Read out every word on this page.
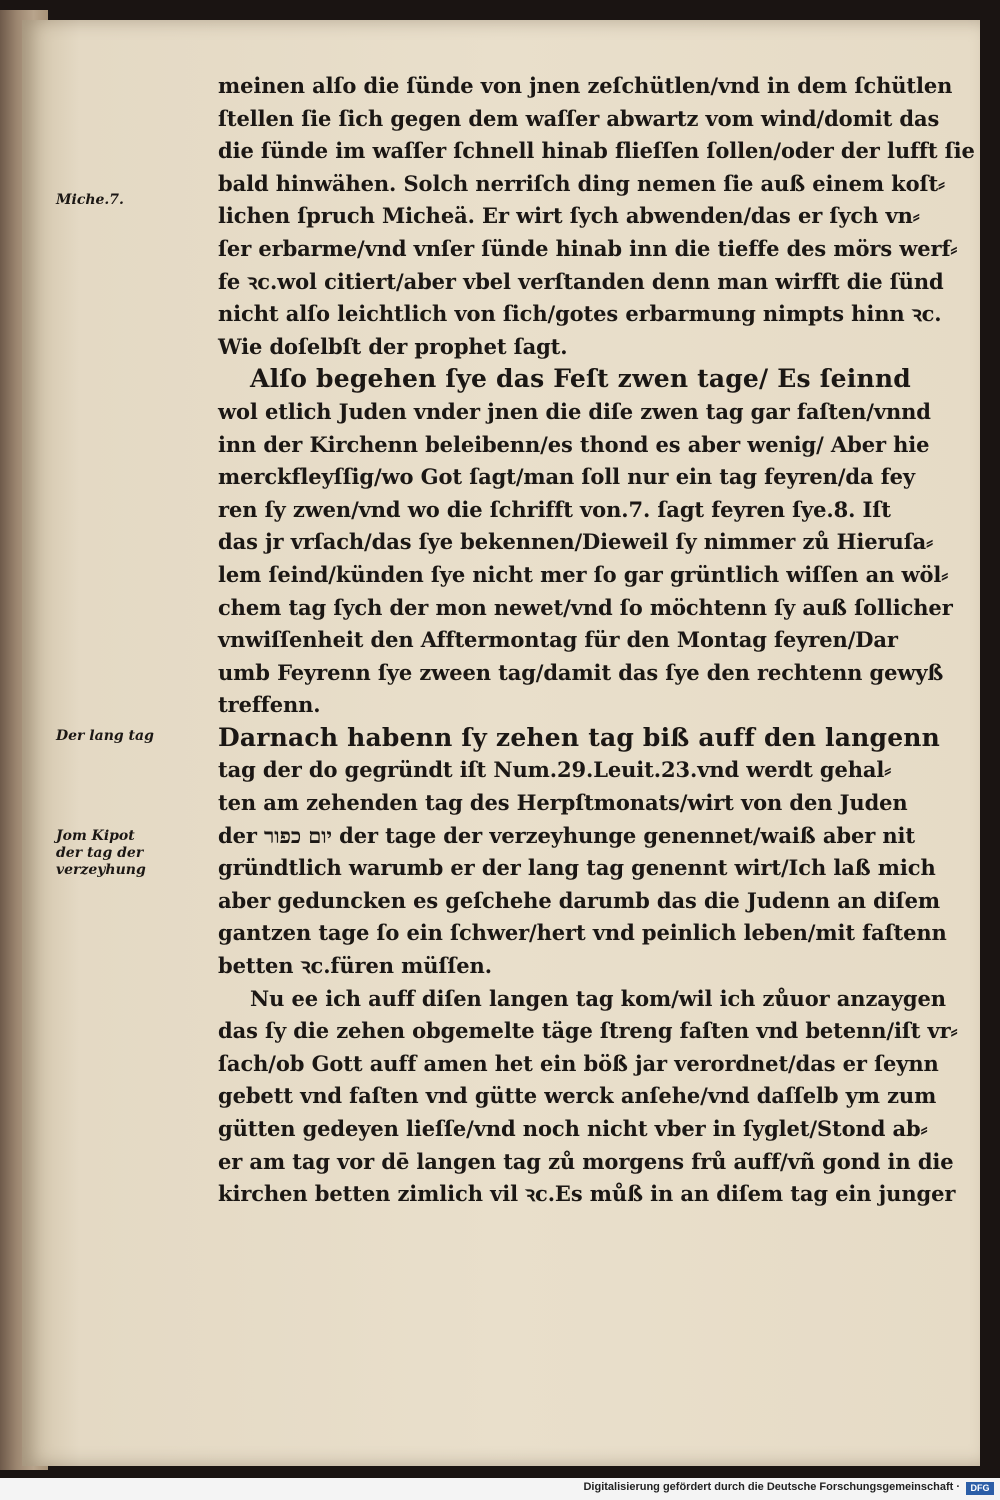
Miche.7.
Der lang tag
Jom Kipot
der tag der
verzeyhung
meinen alſo die ſünde von jnen zeſchütlen/vnd in dem ſchütlen
ſtellen ſie ſich gegen dem waſſer abwartz vom wind/domit das
die ſünde im waſſer ſchnell hinab flieſſen ſollen/oder der lufft ſie
bald hinwähen. Solch nerriſch ding nemen ſie auß einem koſt⸗
lichen ſpruch Micheä. Er wirt ſych abwenden/das er ſych vn⸗
ſer erbarme/vnd vnſer ſünde hinab inn die tieffe des mörs werf⸗
fe ꝛc.wol citiert/aber vbel verſtanden denn man wirfft die ſünd
nicht alſo leichtlich von ſich/gotes erbarmung nimpts hinn ꝛc.
Wie doſelbſt der prophet ſagt.
Alſo begehen ſye das Feſt zwen tage/ Es ſeinnd
wol etlich Juden vnder jnen die diſe zwen tag gar faſten/vnnd
inn der Kirchenn beleibenn/es thond es aber wenig/ Aber hie
merckfleyſſig/wo Got ſagt/man ſoll nur ein tag feyren/da fey
ren ſy zwen/vnd wo die ſchrifft von.7. ſagt feyren ſye.8. Iſt
das jr vrſach/das ſye bekennen/Dieweil ſy nimmer zů Hieruſa⸗
lem ſeind/künden ſye nicht mer ſo gar grüntlich wiſſen an wöl⸗
chem tag ſych der mon newet/vnd ſo möchtenn ſy auß ſollicher
vnwiſſenheit den Afftermontag für den Montag feyren/Dar
umb Feyrenn ſye zween tag/damit das ſye den rechtenn gewyß
treffenn.
Darnach habenn ſy zehen tag biß auff den langenn
tag der do gegründt iſt Num.29.Leuit.23.vnd werdt gehal⸗
ten am zehenden tag des Herpſtmonats/wirt von den Juden
der יום כפור der tage der verzeyhunge genennet/waiß aber nit
gründtlich warumb er der lang tag genennt wirt/Ich laß mich
aber geduncken es geſchehe darumb das die Judenn an diſem
gantzen tage ſo ein ſchwer/hert vnd peinlich leben/mit faſtenn
betten ꝛc.füren müſſen.
Nu ee ich auff diſen langen tag kom/wil ich zůuor anzaygen
das ſy die zehen obgemelte täge ſtreng faſten vnd betenn/iſt vr⸗
ſach/ob Gott auff amen het ein böß jar verordnet/das er ſeynn
gebett vnd faſten vnd gütte werck anſehe/vnd daſſelb ym zum
gütten gedeyen lieſſe/vnd noch nicht vber in ſyglet/Stond ab⸗
er am tag vor dē langen tag zů morgens frů auff/vñ gond in die
kirchen betten zimlich vil ꝛc.Es můß in an diſem tag ein junger
Digitalisierung gefördert durch die Deutsche Forschungsgemeinschaft ·	DFG
